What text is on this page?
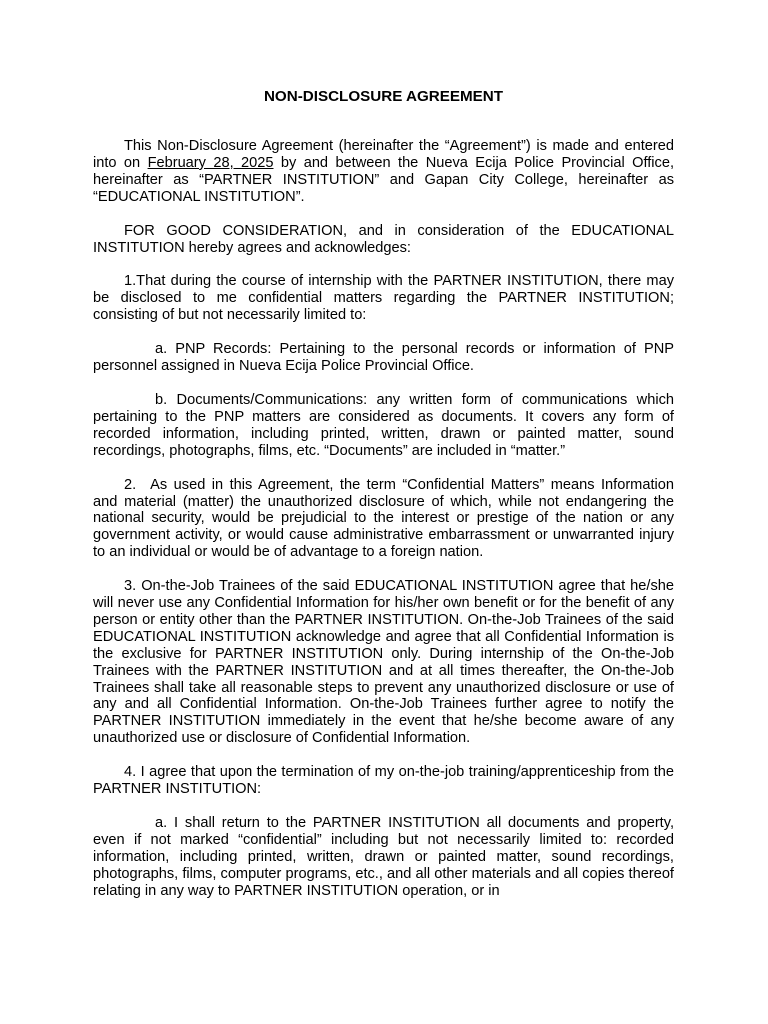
NON-DISCLOSURE AGREEMENT

This Non-Disclosure Agreement (hereinafter the “Agreement”) is made and entered into on February 28, 2025 by and between the Nueva Ecija Police Provincial Office, hereinafter as “PARTNER INSTITUTION” and Gapan City College, hereinafter as “EDUCATIONAL INSTITUTION”.

FOR GOOD CONSIDERATION, and in consideration of the EDUCATIONAL INSTITUTION hereby agrees and acknowledges:

1.That during the course of internship with the PARTNER INSTITUTION, there may be disclosed to me confidential matters regarding the PARTNER INSTITUTION; consisting of but not necessarily limited to:

a. PNP Records: Pertaining to the personal records or information of PNP personnel assigned in Nueva Ecija Police Provincial Office.

b. Documents/Communications: any written form of communications which pertaining to the PNP matters are considered as documents. It covers any form of recorded information, including printed, written, drawn or painted matter, sound recordings, photographs, films, etc. “Documents” are included in “matter.”

2. As used in this Agreement, the term “Confidential Matters” means Information and material (matter) the unauthorized disclosure of which, while not endangering the national security, would be prejudicial to the interest or prestige of the nation or any government activity, or would cause administrative embarrassment or unwarranted injury to an individual or would be of advantage to a foreign nation.

3. On-the-Job Trainees of the said EDUCATIONAL INSTITUTION agree that he/she will never use any Confidential Information for his/her own benefit or for the benefit of any person or entity other than the PARTNER INSTITUTION. On-the-Job Trainees of the said EDUCATIONAL INSTITUTION acknowledge and agree that all Confidential Information is the exclusive for PARTNER INSTITUTION only. During internship of the On-the-Job Trainees with the PARTNER INSTITUTION and at all times thereafter, the On-the-Job Trainees shall take all reasonable steps to prevent any unauthorized disclosure or use of any and all Confidential Information. On-the-Job Trainees further agree to notify the PARTNER INSTITUTION immediately in the event that he/she become aware of any unauthorized use or disclosure of Confidential Information.

4. I agree that upon the termination of my on-the-job training/apprenticeship from the PARTNER INSTITUTION:

a. I shall return to the PARTNER INSTITUTION all documents and property, even if not marked “confidential” including but not necessarily limited to: recorded information, including printed, written, drawn or painted matter, sound recordings, photographs, films, computer programs, etc., and all other materials and all copies thereof relating in any way to PARTNER INSTITUTION operation, or in
